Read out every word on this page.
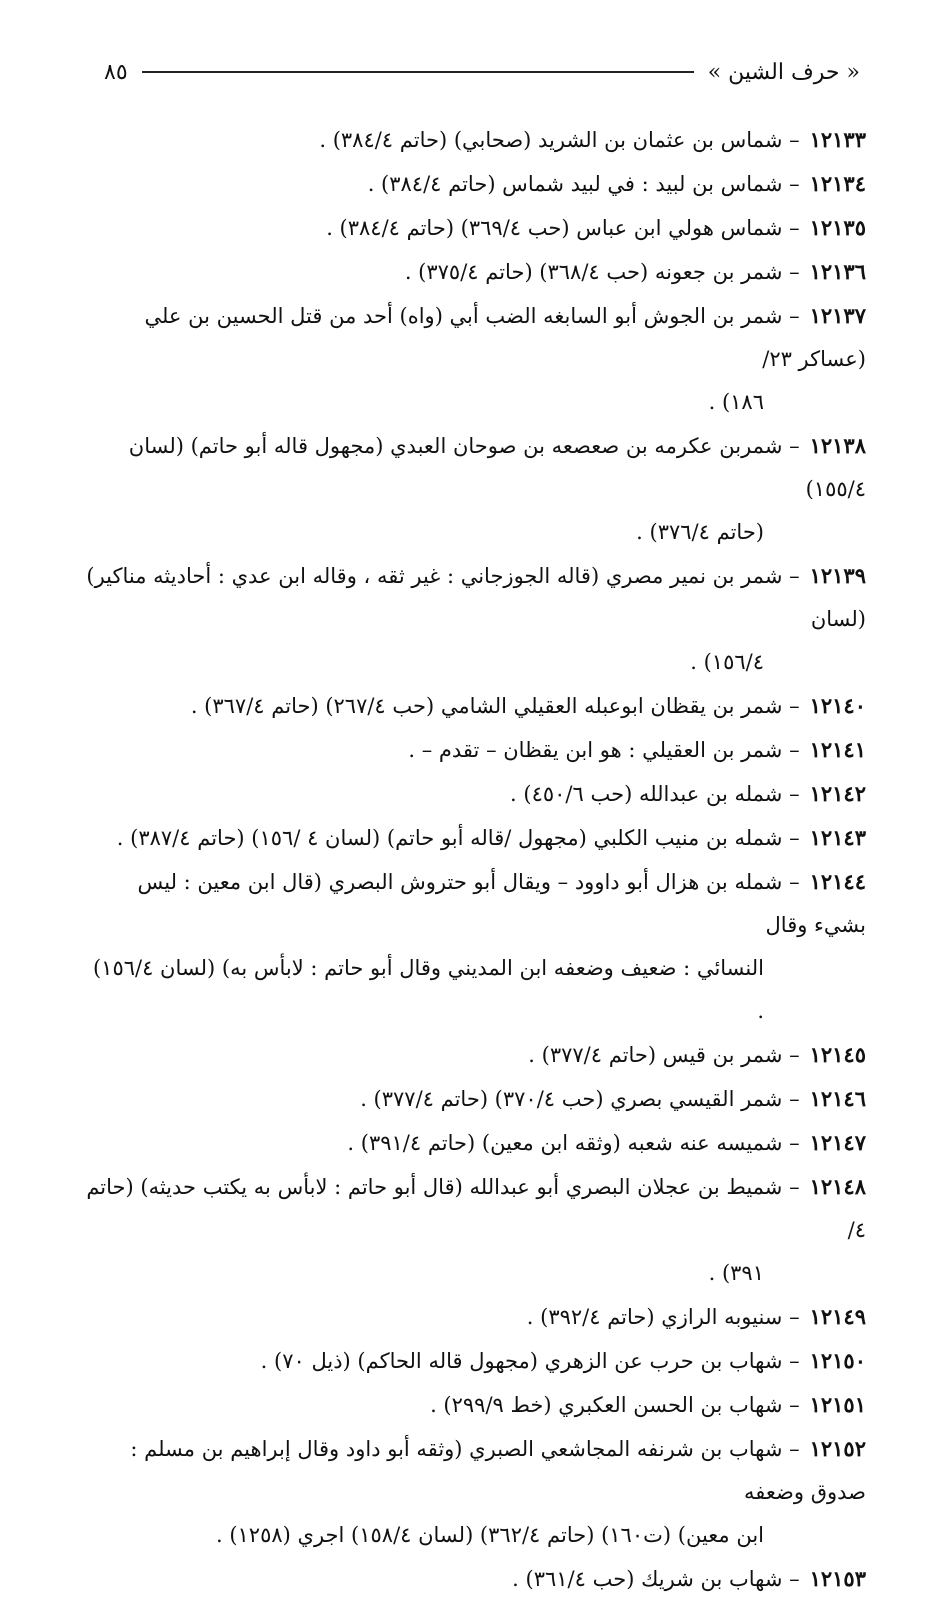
« حرف الشين »
٨٥
١٢١٣٣– شماس بن عثمان بن الشريد (صحابي) (حاتم ٣٨٤/٤) .
١٢١٣٤– شماس بن لبيد : في لبيد شماس (حاتم ٣٨٤/٤) .
١٢١٣٥– شماس هولي ابن عباس (حب ٣٦٩/٤) (حاتم ٣٨٤/٤) .
١٢١٣٦– شمر بن جعونه (حب ٣٦٨/٤) (حاتم ٣٧٥/٤) .
١٢١٣٧– شمر بن الجوش أبو السابغه الضب أبي (واه) أحد من قتل الحسين بن علي (عساكر ٢٣/
١٨٦) .
١٢١٣٨– شمربن عكرمه بن صعصعه بن صوحان العبدي (مجهول قاله أبو حاتم) (لسان ١٥٥/٤)
(حاتم ٣٧٦/٤) .
١٢١٣٩– شمر بن نمير مصري (قاله الجوزجاني : غير ثقه ، وقاله ابن عدي : أحاديثه مناكير) (لسان
١٥٦/٤) .
١٢١٤٠– شمر بن يقظان ابوعبله العقيلي الشامي (حب ٢٦٧/٤) (حاتم ٣٦٧/٤) .
١٢١٤١– شمر بن العقيلي : هو ابن يقظان – تقدم – .
١٢١٤٢– شمله بن عبدالله (حب ٤٥٠/٦) .
١٢١٤٣– شمله بن منيب الكلبي (مجهول /قاله أبو حاتم) (لسان ٤ /١٥٦) (حاتم ٣٨٧/٤) .
١٢١٤٤– شمله بن هزال أبو داوود – ويقال أبو حتروش البصري (قال ابن معين : ليس بشيء وقال
النسائي : ضعيف وضعفه ابن المديني وقال أبو حاتم : لابأس به) (لسان ١٥٦/٤) .
١٢١٤٥– شمر بن قيس (حاتم ٣٧٧/٤) .
١٢١٤٦– شمر القيسي بصري (حب ٣٧٠/٤) (حاتم ٣٧٧/٤) .
١٢١٤٧– شميسه عنه شعبه (وثقه ابن معين) (حاتم ٣٩١/٤) .
١٢١٤٨– شميط بن عجلان البصري أبو عبدالله (قال أبو حاتم : لابأس به يكتب حديثه) (حاتم ٤/
٣٩١) .
١٢١٤٩– سنيوبه الرازي (حاتم ٣٩٢/٤) .
١٢١٥٠– شهاب بن حرب عن الزهري (مجهول قاله الحاكم) (ذيل ٧٠) .
١٢١٥١– شهاب بن الحسن العكبري (خط ٢٩٩/٩) .
١٢١٥٢– شهاب بن شرنفه المجاشعي الصبري (وثقه أبو داود وقال إبراهيم بن مسلم : صدوق وضعفه
ابن معين) (ت١٦٠) (حاتم ٣٦٢/٤) (لسان ١٥٨/٤) اجري (١٢٥٨) .
١٢١٥٣– شهاب بن شريك (حب ٣٦١/٤) .
